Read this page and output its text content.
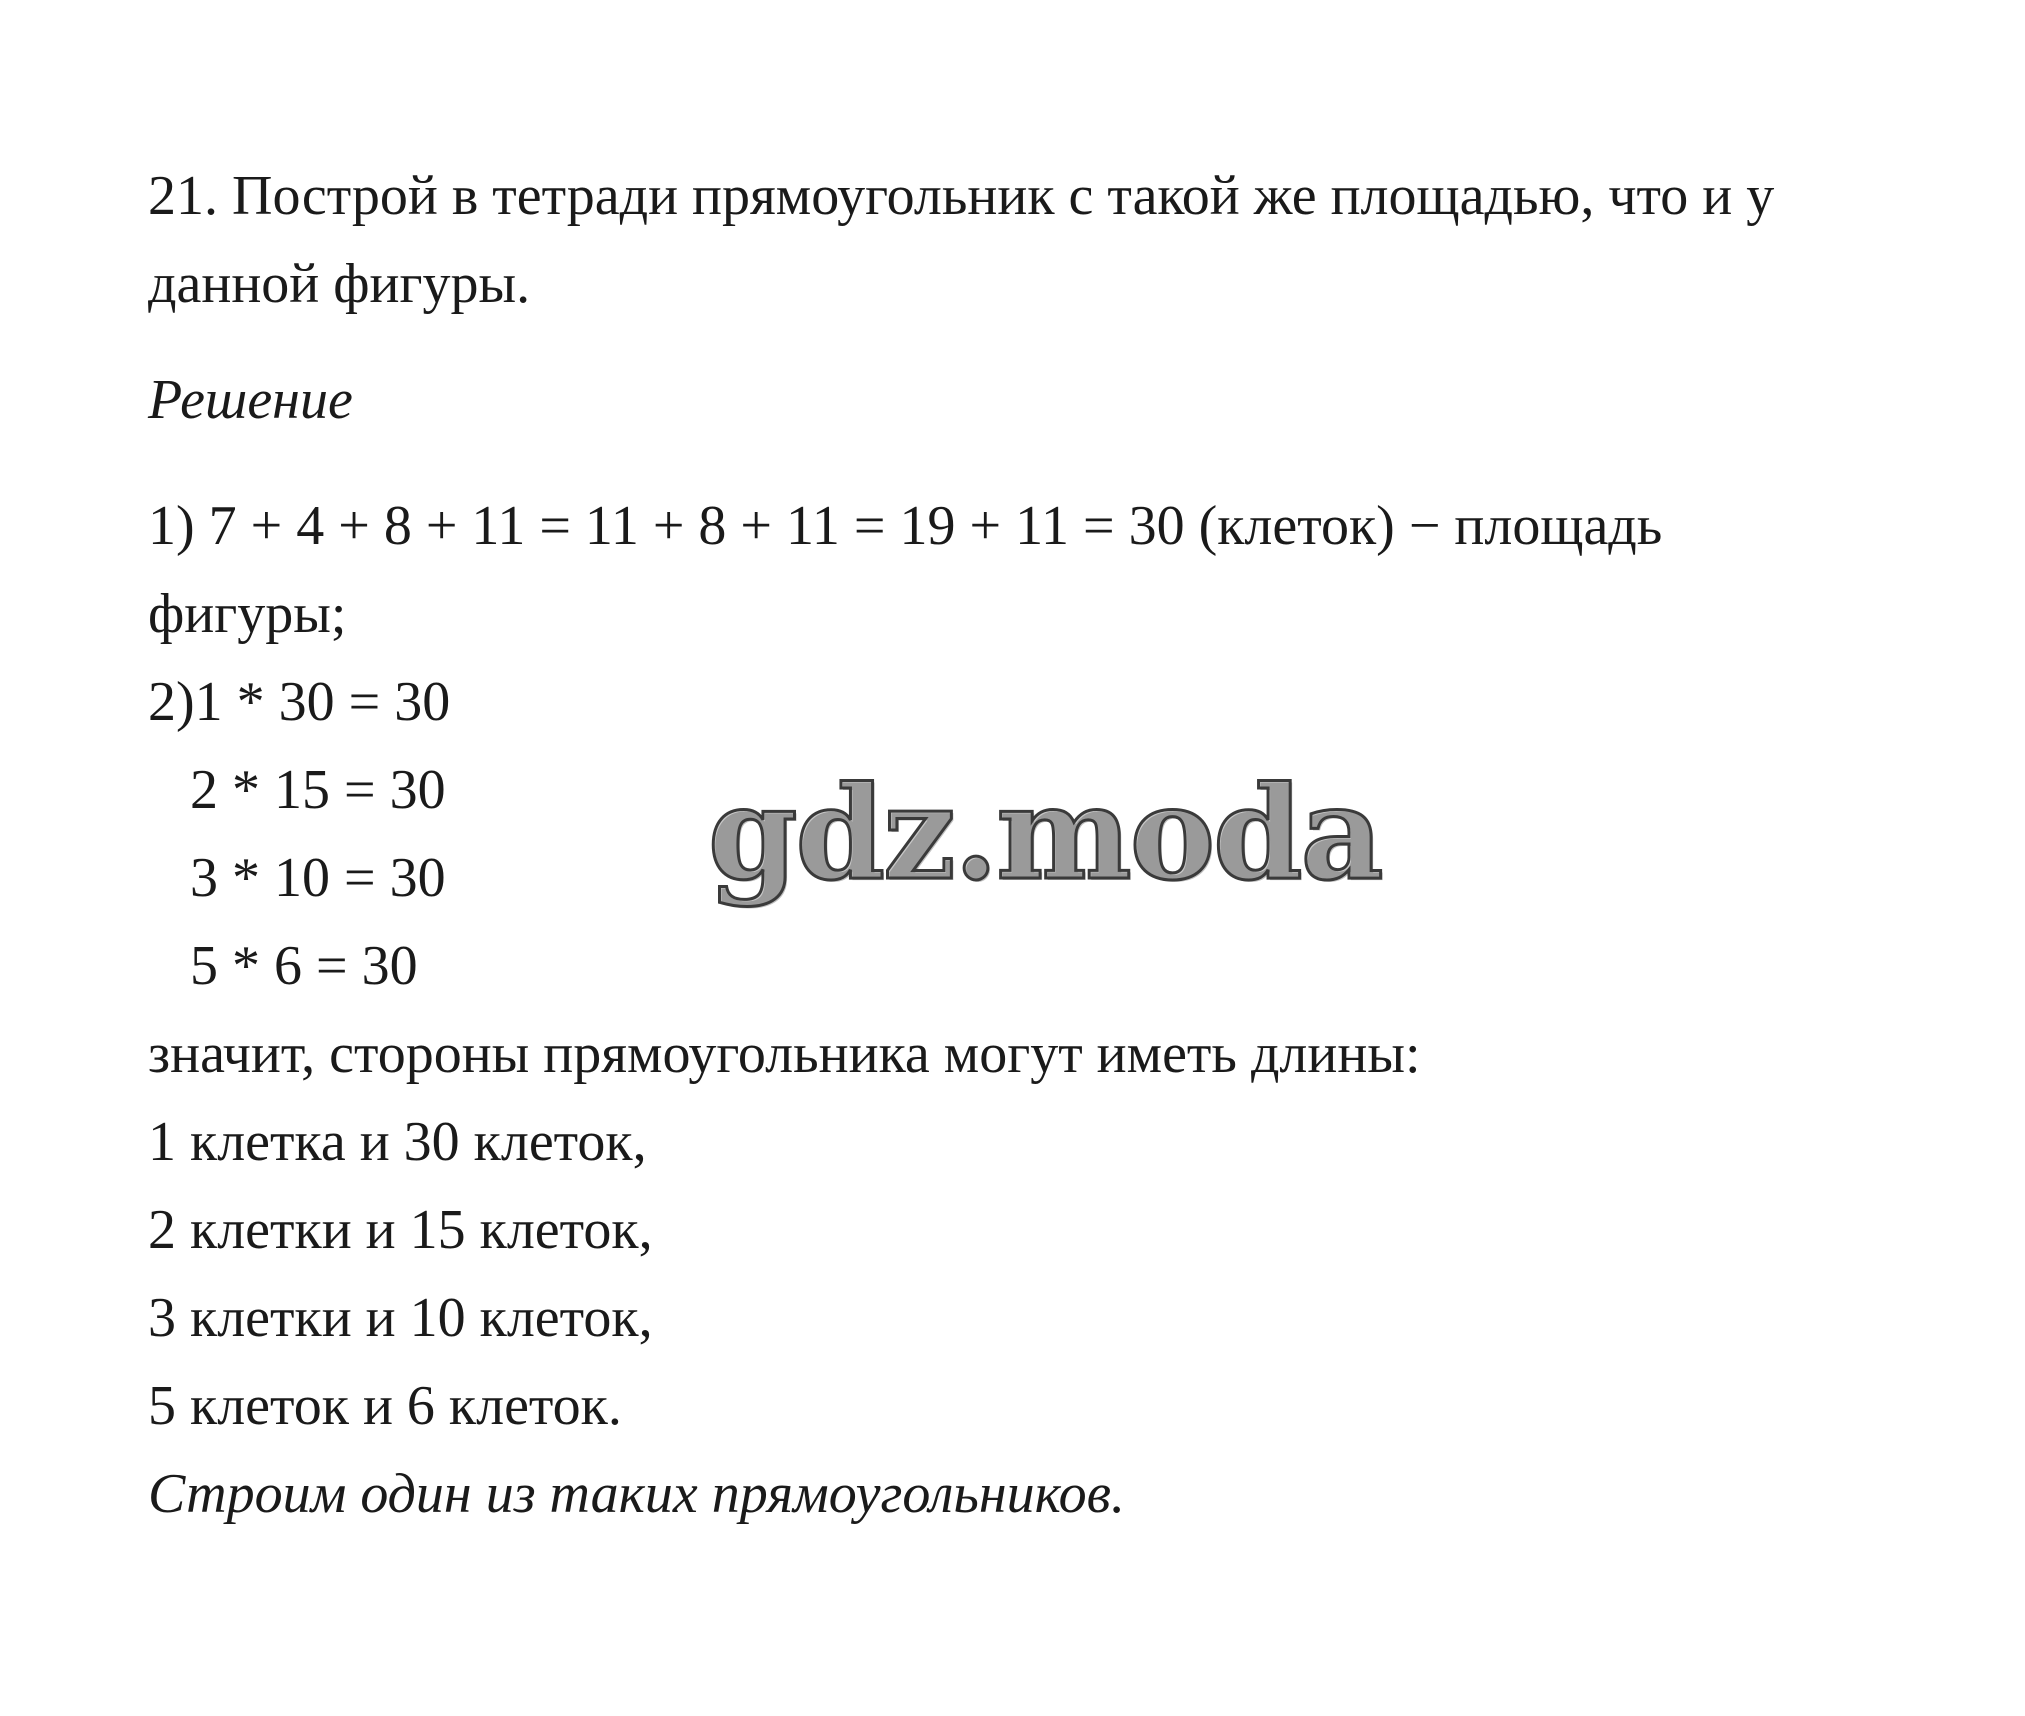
21. Построй в тетради прямоугольник с такой же площадью, что и у
данной фигуры.
Решение
1) 7 + 4 + 8 + 11 = 11 + 8 + 11 = 19 + 11 = 30 (клеток) − площадь
фигуры;
2)1 * 30 = 30
2 * 15 = 30
3 * 10 = 30
5 * 6 = 30
значит, стороны прямоугольника могут иметь длины:
1 клетка и 30 клеток,
2 клетки и 15 клеток,
3 клетки и 10 клеток,
5 клеток и 6 клеток.
Строим один из таких прямоугольников.
gdz.moda
